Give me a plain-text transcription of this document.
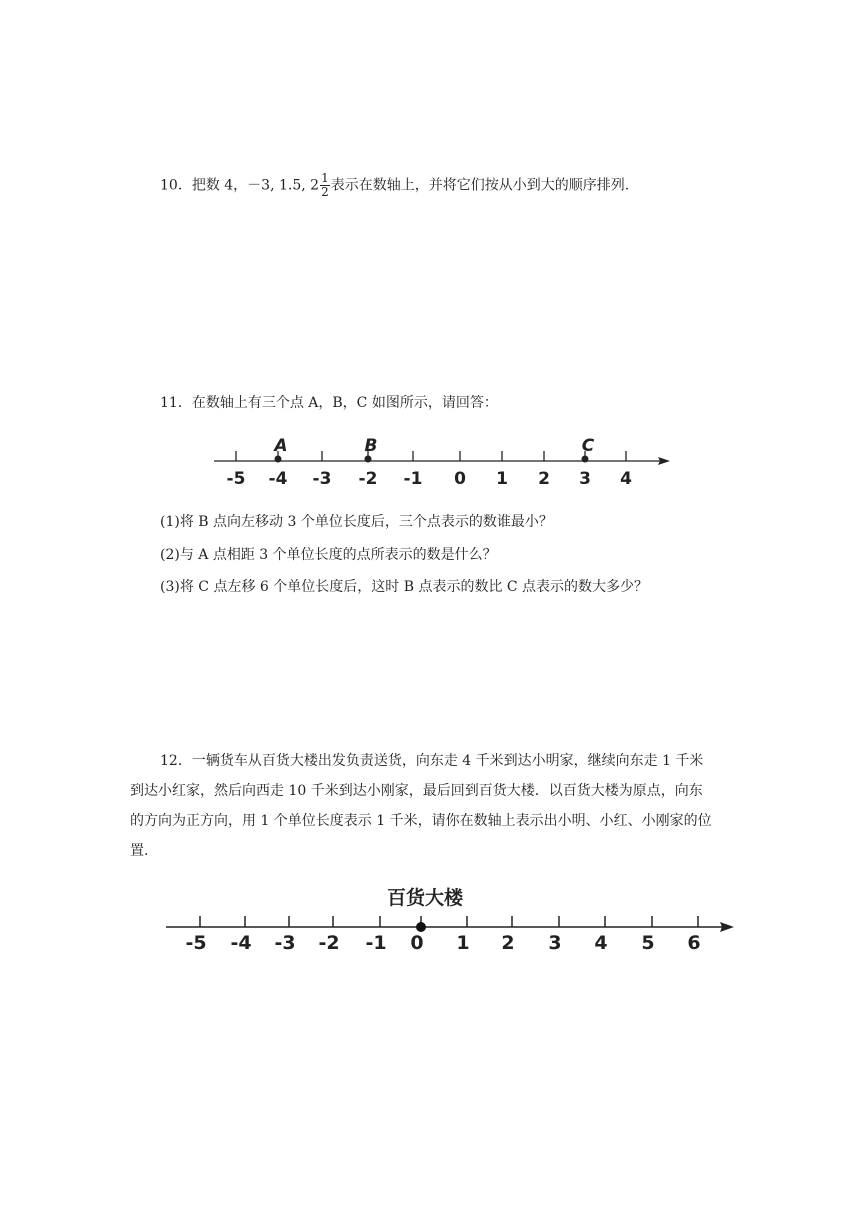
10．把数 4，－3, 1.5, $2 \frac{1}{2}$ 表示在数轴上，并将它们按从小到大的顺序排列.
11．在数轴上有三个点 A，B，C 如图所示，请回答：
-5 -4 -3 -2 -1 0 1 2 3 4
A	B	C
(1)将 B 点向左移动 3 个单位长度后，三个点表示的数谁最小？
(2)与 A 点相距 3 个单位长度的点所表示的数是什么？
(3)将 C 点左移 6 个单位长度后，这时 B 点表示的数比 C 点表示的数大多少？
12．一辆货车从百货大楼出发负责送货，向东走 4 千米到达小明家，继续向东走 1 千米到达小红家，然后向西走 10 千米到达小刚家，最后回到百货大楼．以百货大楼为原点，向东的方向为正方向，用 1 个单位长度表示 1 千米，请你在数轴上表示出小明、小红、小刚家的位置.
-5 -4 -3 -2 -1 0 1 2 3 4 5 6
百货大楼
